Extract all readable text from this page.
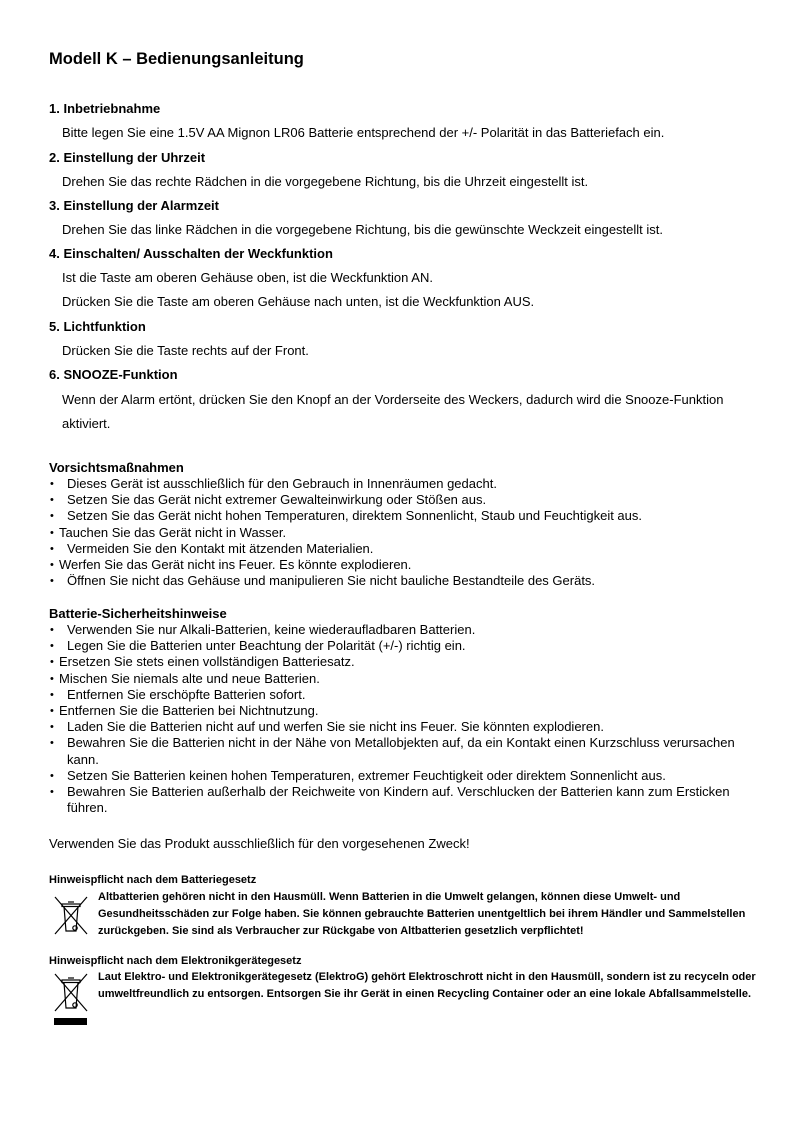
Modell K – Bedienungsanleitung
1. Inbetriebnahme

Bitte legen Sie eine 1.5V AA Mignon LR06 Batterie entsprechend der +/- Polarität in das Batteriefach ein.

2. Einstellung der Uhrzeit

Drehen Sie das rechte Rädchen in die vorgegebene Richtung, bis die Uhrzeit eingestellt ist.

3. Einstellung der Alarmzeit

Drehen Sie das linke Rädchen in die vorgegebene Richtung, bis die gewünschte Weckzeit eingestellt ist.

4. Einschalten/ Ausschalten der Weckfunktion

Ist die Taste am oberen Gehäuse oben, ist die Weckfunktion AN.

Drücken Sie die Taste am oberen Gehäuse nach unten, ist die Weckfunktion AUS.

5. Lichtfunktion

Drücken Sie die Taste rechts auf der Front.

6. SNOOZE-Funktion

Wenn der Alarm ertönt, drücken Sie den Knopf an der Vorderseite des Weckers, dadurch wird die Snooze-Funktion aktiviert.

Vorsichtsmaßnahmen
• Dieses Gerät ist ausschließlich für den Gebrauch in Innenräumen gedacht.
• Setzen Sie das Gerät nicht extremer Gewalteinwirkung oder Stößen aus.
• Setzen Sie das Gerät nicht hohen Temperaturen, direktem Sonnenlicht, Staub und Feuchtigkeit aus.
• Tauchen Sie das Gerät nicht in Wasser.
• Vermeiden Sie den Kontakt mit ätzenden Materialien.
• Werfen Sie das Gerät nicht ins Feuer. Es könnte explodieren.
• Öffnen Sie nicht das Gehäuse und manipulieren Sie nicht bauliche Bestandteile des Geräts.
Batterie-Sicherheitshinweise
• Verwenden Sie nur Alkali-Batterien, keine wiederaufladbaren Batterien.
• Legen Sie die Batterien unter Beachtung der Polarität (+/-) richtig ein.
• Ersetzen Sie stets einen vollständigen Batteriesatz.
• Mischen Sie niemals alte und neue Batterien.
• Entfernen Sie erschöpfte Batterien sofort.
• Entfernen Sie die Batterien bei Nichtnutzung.
• Laden Sie die Batterien nicht auf und werfen Sie sie nicht ins Feuer. Sie könnten explodieren.
• Bewahren Sie die Batterien nicht in der Nähe von Metallobjekten auf, da ein Kontakt einen Kurzschluss verursachen kann.
• Setzen Sie Batterien keinen hohen Temperaturen, extremer Feuchtigkeit oder direktem Sonnenlicht aus.
• Bewahren Sie Batterien außerhalb der Reichweite von Kindern auf. Verschlucken der Batterien kann zum Ersticken führen.

Verwenden Sie das Produkt ausschließlich für den vorgesehenen Zweck!

Hinweispflicht nach dem Batteriegesetz

Altbatterien gehören nicht in den Hausmüll. Wenn Batterien in die Umwelt gelangen, können diese Umwelt- und Gesundheitsschäden zur Folge haben. Sie können gebrauchte Batterien unentgeltlich bei ihrem Händler und Sammelstellen zurückgeben. Sie sind als Verbraucher zur Rückgabe von Altbatterien gesetzlich verpflichtet!

Hinweispflicht nach dem Elektronikgerätegesetz

Laut Elektro- und Elektronikgerätegesetz (ElektroG) gehört Elektroschrott nicht in den Hausmüll, sondern ist zu recyceln oder umweltfreundlich zu entsorgen. Entsorgen Sie ihr Gerät in einen Recycling Container oder an eine lokale Abfallsammelstelle.
